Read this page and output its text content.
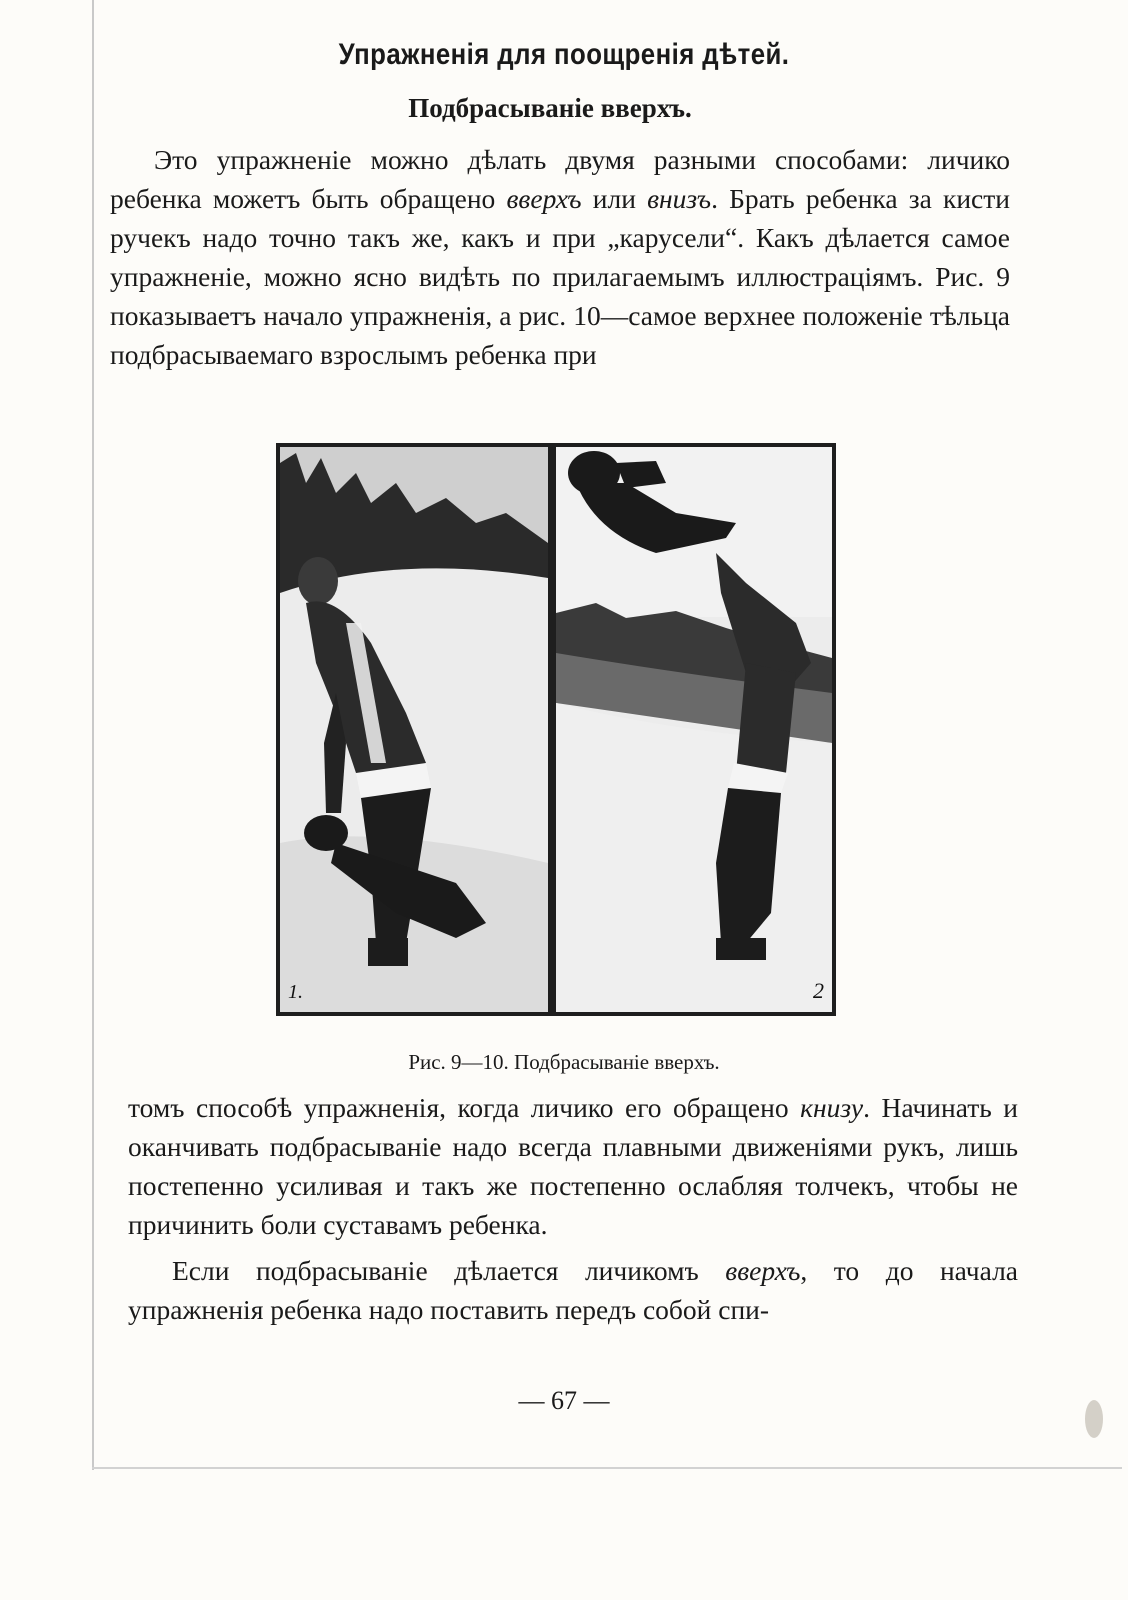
Упражненія для поощренія дѣтей.
Подбрасываніе вверхъ.

Это упражненіе можно дѣлать двумя разными способами: личико ребенка можетъ быть обращено вверхъ или внизъ. Брать ребенка за кисти ручекъ надо точно такъ же, какъ и при „карусели“. Какъ дѣлается самое упражненіе, можно ясно видѣть по прилагаемымъ иллюстраціямъ. Рис. 9 показываетъ начало упражненія, а рис. 10—самое верхнее положеніе тѣльца подбрасываемаго взрослымъ ребенка при

1.	2
Рис. 9—10. Подбрасываніе вверхъ.

томъ способѣ упражненія, когда личико его обращено книзу. Начинать и оканчивать подбрасываніе надо всегда плавными движеніями рукъ, лишь постепенно усиливая и такъ же постепенно ослабляя толчекъ, чтобы не причинить боли суставамъ ребенка.

Если подбрасываніе дѣлается личикомъ вверхъ, то до начала упражненія ребенка надо поставить передъ собой спи-

— 67 —
